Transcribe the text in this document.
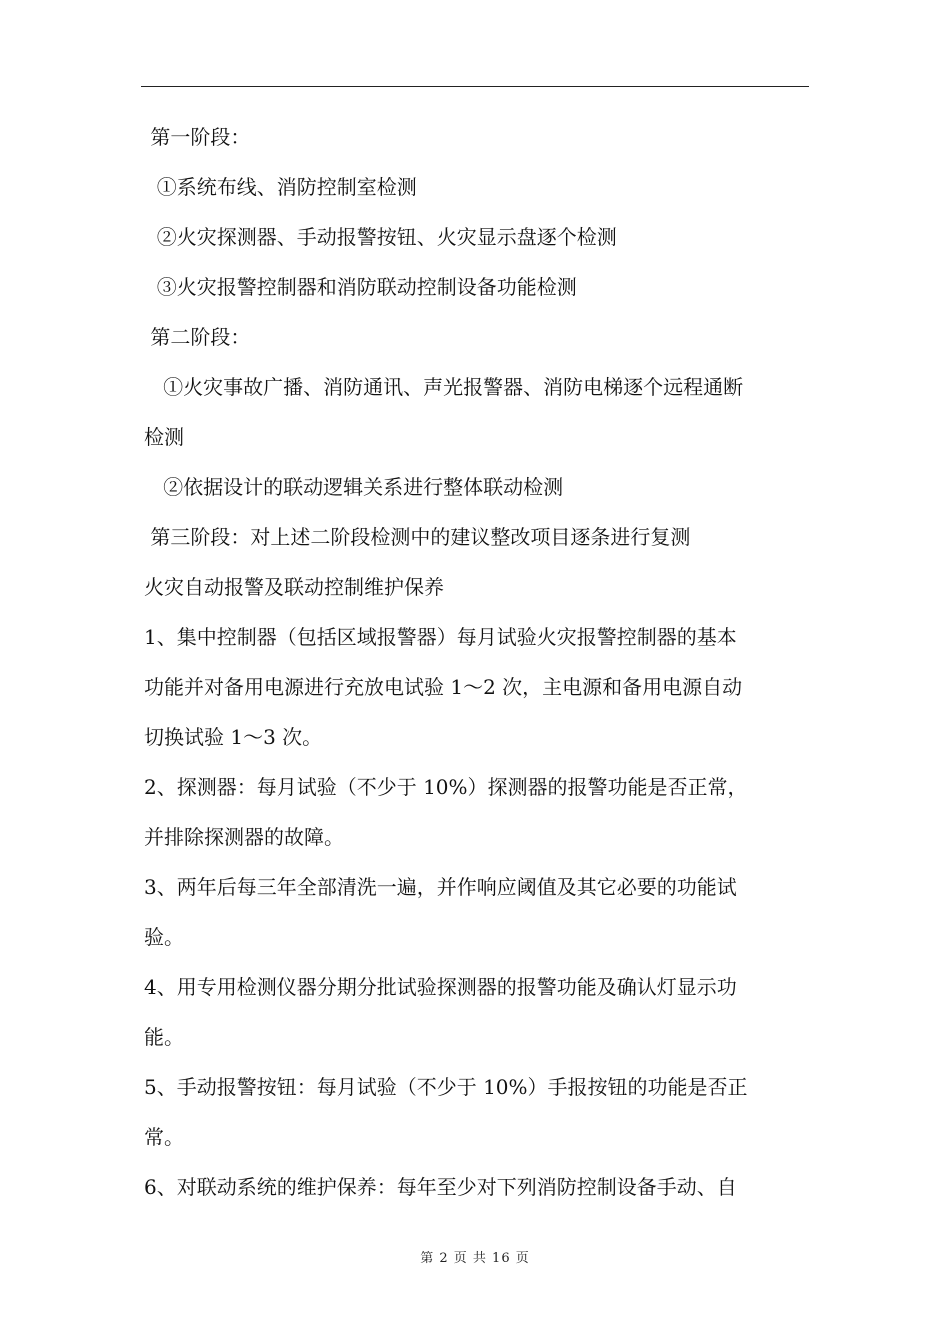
第一阶段：
①系统布线、消防控制室检测
②火灾探测器、手动报警按钮、火灾显示盘逐个检测
③火灾报警控制器和消防联动控制设备功能检测
第二阶段：
①火灾事故广播、消防通讯、声光报警器、消防电梯逐个远程通断
检测
②依据设计的联动逻辑关系进行整体联动检测
第三阶段：对上述二阶段检测中的建议整改项目逐条进行复测
火灾自动报警及联动控制维护保养
1、集中控制器（包括区域报警器）每月试验火灾报警控制器的基本
功能并对备用电源进行充放电试验 1～2 次，主电源和备用电源自动
切换试验 1～3 次。
2、探测器：每月试验（不少于 10%）探测器的报警功能是否正常，
并排除探测器的故障。
3、两年后每三年全部清洗一遍，并作响应阈值及其它必要的功能试
验。
4、用专用检测仪器分期分批试验探测器的报警功能及确认灯显示功
能。
5、手动报警按钮：每月试验（不少于 10%）手报按钮的功能是否正
常。
6、对联动系统的维护保养：每年至少对下列消防控制设备手动、自
第 2 页 共 16 页
